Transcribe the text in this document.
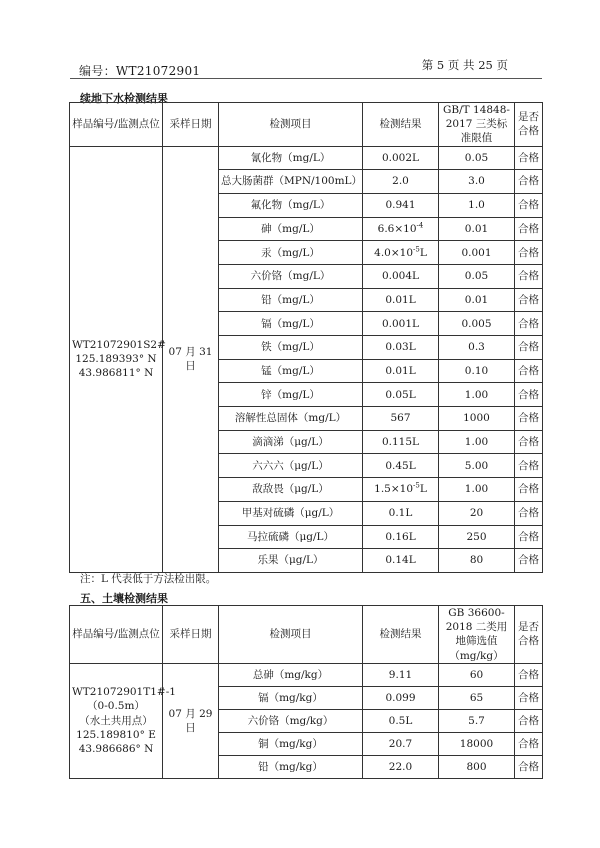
编号：WT21072901	第 5 页 共 25 页
续地下水检测结果
样品编号/监测点位	采样日期	检测项目	检测结果	GB/T 14848-2017 三类标准限值	是否合格

WT21072901S2#
125.189393° N
43.986811° N	07 月 31 日	氰化物（mg/L）	0.002L	0.05	合格
		总大肠菌群（MPN/100mL）	2.0	3.0	合格
		氟化物（mg/L）	0.941	1.0	合格
		砷（mg/L）	$6.6\times 10^{-4}$	0.01	合格
		汞（mg/L）	$4.0\times 10^{-5}L$	0.001	合格
		六价铬（mg/L）	0.004L	0.05	合格
		铅（mg/L）	0.01L	0.01	合格
		镉（mg/L）	0.001L	0.005	合格
		铁（mg/L）	0.03L	0.3	合格
		锰（mg/L）	0.01L	0.10	合格
		锌（mg/L）	0.05L	1.00	合格
		溶解性总固体（mg/L）	567	1000	合格
		滴滴涕（μg/L）	0.115L	1.00	合格
		六六六（μg/L）	0.45L	5.00	合格
		敌敌畏（μg/L）	$1.5\times 10^{-5}L$	1.00	合格
		甲基对硫磷（μg/L）	0.1L	20	合格
		马拉硫磷（μg/L）	0.16L	250	合格
		乐果（μg/L）	0.14L	80	合格
注：L 代表低于方法检出限。
五、土壤检测结果
样品编号/监测点位	采样日期	检测项目	检测结果	GB 36600-2018 二类用地筛选值（mg/kg）	是否合格

WT21072901T1#-1
（0-0.5m）
（水土共用点）
125.189810° E
43.986686° N	07 月 29 日	总砷（mg/kg）	9.11	60	合格
		镉（mg/kg）	0.099	65	合格
		六价铬（mg/kg）	0.5L	5.7	合格
		铜（mg/kg）	20.7	18000	合格
		铅（mg/kg）	22.0	800	合格
